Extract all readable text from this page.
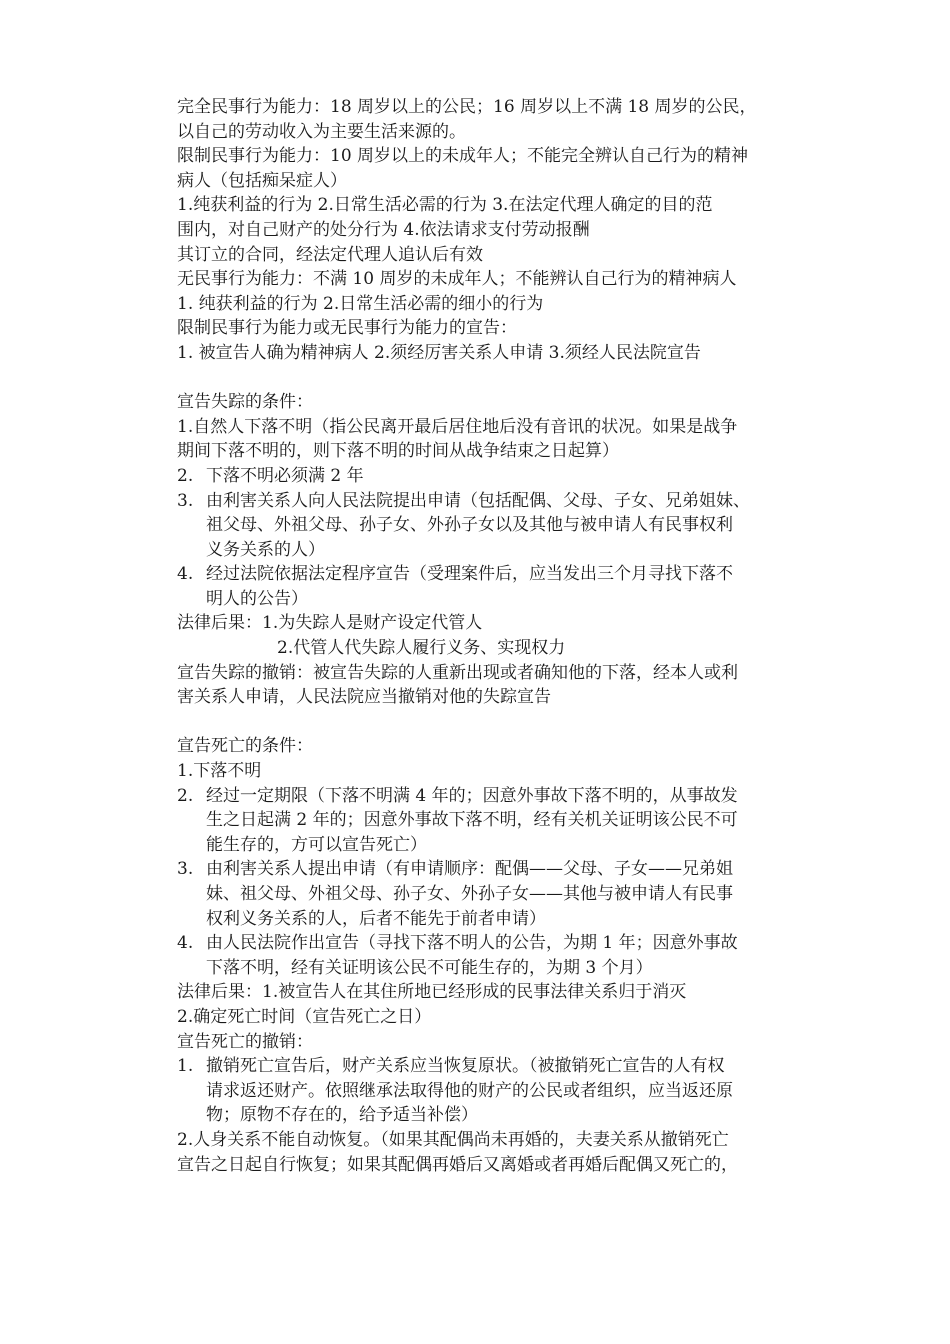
完全民事行为能力：18 周岁以上的公民；16 周岁以上不满 18 周岁的公民，
以自己的劳动收入为主要生活来源的。
限制民事行为能力：10 周岁以上的未成年人；不能完全辨认自己行为的精神
病人（包括痴呆症人）
1.纯获利益的行为 2.日常生活必需的行为 3.在法定代理人确定的目的范
围内，对自己财产的处分行为 4.依法请求支付劳动报酬
其订立的合同，经法定代理人追认后有效
无民事行为能力：不满 10 周岁的未成年人；不能辨认自己行为的精神病人
1. 纯获利益的行为 2.日常生活必需的细小的行为
限制民事行为能力或无民事行为能力的宣告：
1. 被宣告人确为精神病人 2.须经厉害关系人申请 3.须经人民法院宣告
宣告失踪的条件：
1.自然人下落不明（指公民离开最后居住地后没有音讯的状况。如果是战争
期间下落不明的，则下落不明的时间从战争结束之日起算）
2. 下落不明必须满 2 年
3. 由利害关系人向人民法院提出申请（包括配偶、父母、子女、兄弟姐妹、
祖父母、外祖父母、孙子女、外孙子女以及其他与被申请人有民事权利
义务关系的人）
4. 经过法院依据法定程序宣告（受理案件后，应当发出三个月寻找下落不
明人的公告）
法律后果：1.为失踪人是财产设定代管人
2.代管人代失踪人履行义务、实现权力
宣告失踪的撤销：被宣告失踪的人重新出现或者确知他的下落，经本人或利
害关系人申请，人民法院应当撤销对他的失踪宣告
宣告死亡的条件：
1.下落不明
2. 经过一定期限（下落不明满 4 年的；因意外事故下落不明的，从事故发
生之日起满 2 年的；因意外事故下落不明，经有关机关证明该公民不可
能生存的，方可以宣告死亡）
3. 由利害关系人提出申请（有申请顺序：配偶——父母、子女——兄弟姐
妹、祖父母、外祖父母、孙子女、外孙子女——其他与被申请人有民事
权利义务关系的人，后者不能先于前者申请）
4. 由人民法院作出宣告（寻找下落不明人的公告，为期 1 年；因意外事故
下落不明，经有关证明该公民不可能生存的，为期 3 个月）
法律后果：1.被宣告人在其住所地已经形成的民事法律关系归于消灭
2.确定死亡时间（宣告死亡之日）
宣告死亡的撤销：
1. 撤销死亡宣告后，财产关系应当恢复原状。（被撤销死亡宣告的人有权
请求返还财产。依照继承法取得他的财产的公民或者组织，应当返还原
物；原物不存在的，给予适当补偿）
2.人身关系不能自动恢复。（如果其配偶尚未再婚的，夫妻关系从撤销死亡
宣告之日起自行恢复；如果其配偶再婚后又离婚或者再婚后配偶又死亡的，
